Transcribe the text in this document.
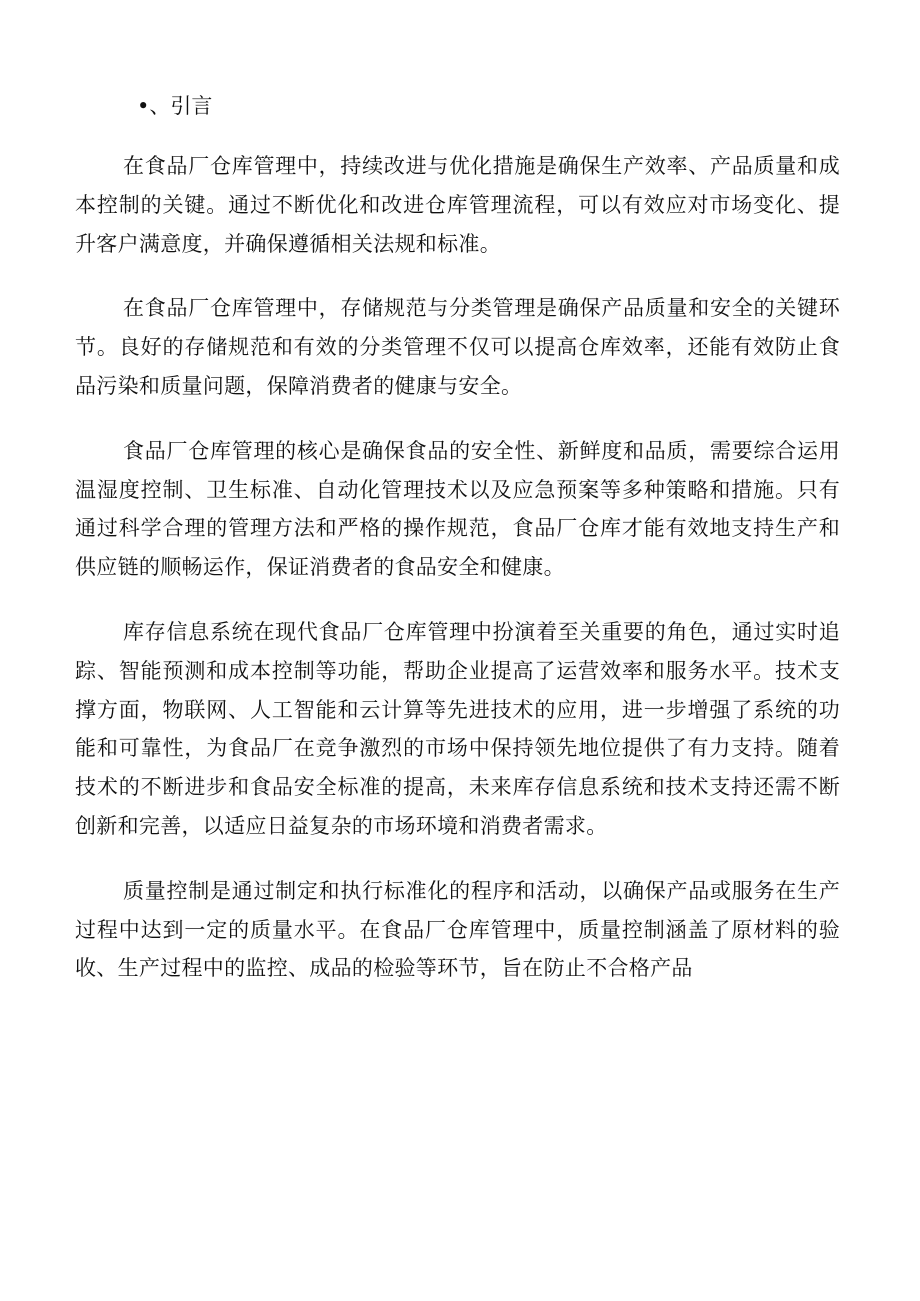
•、引言

在食品厂仓库管理中，持续改进与优化措施是确保生产效率、产品质量和成本控制的关键。通过不断优化和改进仓库管理流程，可以有效应对市场变化、提升客户满意度，并确保遵循相关法规和标准。

在食品厂仓库管理中，存储规范与分类管理是确保产品质量和安全的关键环节。良好的存储规范和有效的分类管理不仅可以提高仓库效率，还能有效防止食品污染和质量问题，保障消费者的健康与安全。

食品厂仓库管理的核心是确保食品的安全性、新鲜度和品质，需要综合运用温湿度控制、卫生标准、自动化管理技术以及应急预案等多种策略和措施。只有通过科学合理的管理方法和严格的操作规范，食品厂仓库才能有效地支持生产和供应链的顺畅运作，保证消费者的食品安全和健康。

库存信息系统在现代食品厂仓库管理中扮演着至关重要的角色，通过实时追踪、智能预测和成本控制等功能，帮助企业提高了运营效率和服务水平。技术支撑方面，物联网、人工智能和云计算等先进技术的应用，进一步增强了系统的功能和可靠性，为食品厂在竞争激烈的市场中保持领先地位提供了有力支持。随着技术的不断进步和食品安全标准的提高，未来库存信息系统和技术支持还需不断创新和完善，以适应日益复杂的市场环境和消费者需求。

质量控制是通过制定和执行标准化的程序和活动，以确保产品或服务在生产过程中达到一定的质量水平。在食品厂仓库管理中，质量控制涵盖了原材料的验收、生产过程中的监控、成品的检验等环节，旨在防止不合格产品
